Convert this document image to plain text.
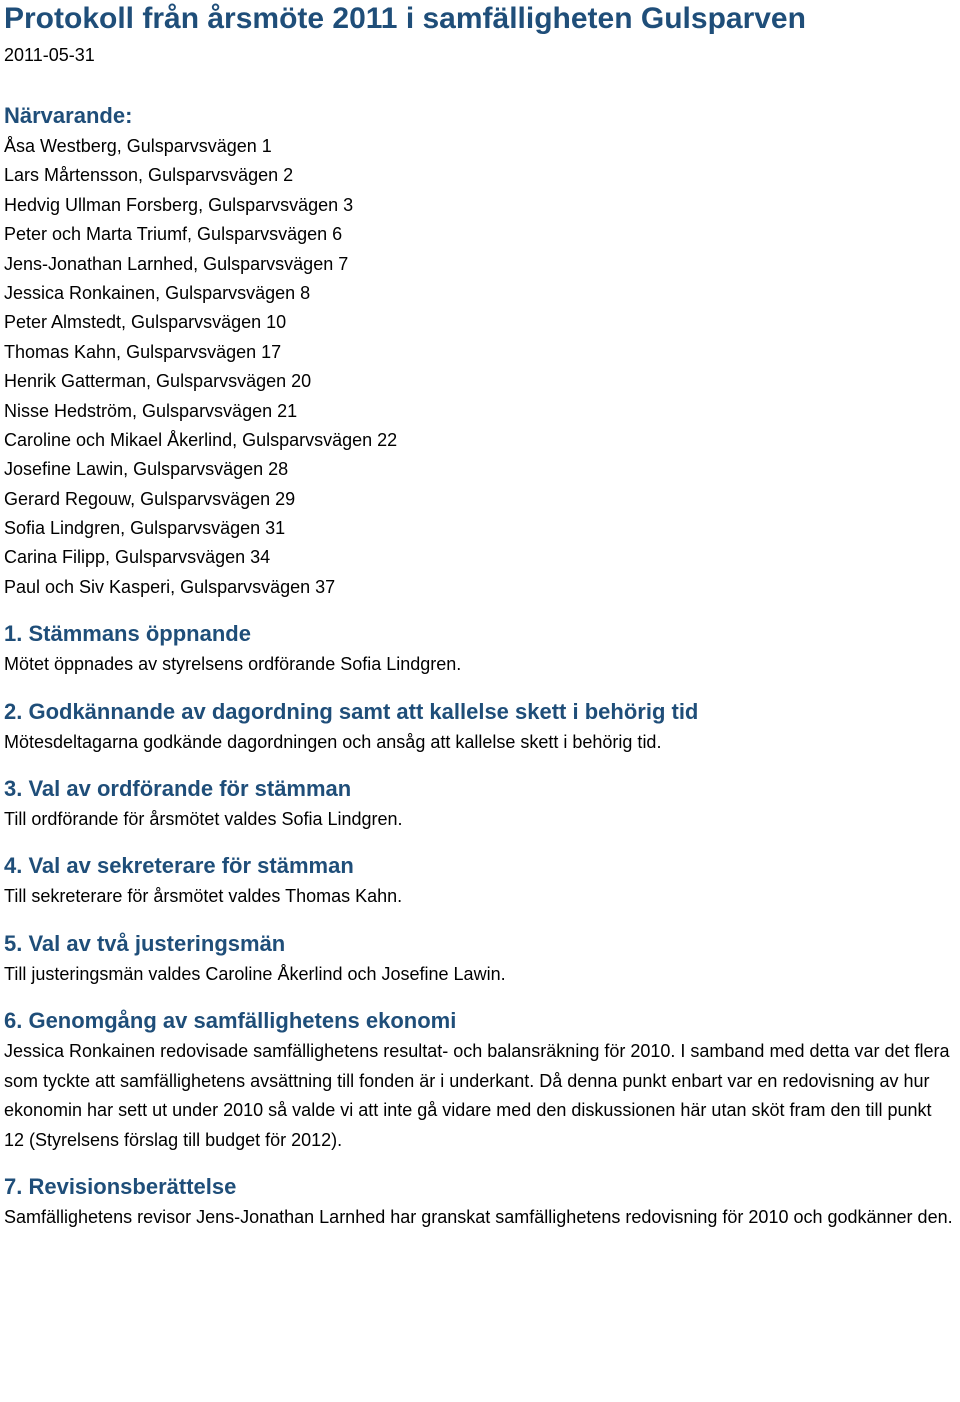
Protokoll från årsmöte 2011 i samfälligheten Gulsparven
2011-05-31
Närvarande:
Åsa Westberg, Gulsparvsvägen 1
Lars Mårtensson, Gulsparvsvägen 2
Hedvig Ullman Forsberg, Gulsparvsvägen 3
Peter och Marta Triumf, Gulsparvsvägen 6
Jens-Jonathan Larnhed, Gulsparvsvägen 7
Jessica Ronkainen, Gulsparvsvägen 8
Peter Almstedt, Gulsparvsvägen 10
Thomas Kahn, Gulsparvsvägen 17
Henrik Gatterman, Gulsparvsvägen 20
Nisse Hedström, Gulsparvsvägen 21
Caroline och Mikael Åkerlind, Gulsparvsvägen 22
Josefine Lawin, Gulsparvsvägen 28
Gerard Regouw, Gulsparvsvägen 29
Sofia Lindgren, Gulsparvsvägen 31
Carina Filipp, Gulsparvsvägen 34
Paul och Siv Kasperi, Gulsparvsvägen 37
1. Stämmans öppnande

Mötet öppnades av styrelsens ordförande Sofia Lindgren.

2. Godkännande av dagordning samt att kallelse skett i behörig tid

Mötesdeltagarna godkände dagordningen och ansåg att kallelse skett i behörig tid.

3. Val av ordförande för stämman

Till ordförande för årsmötet valdes Sofia Lindgren.

4. Val av sekreterare för stämman

Till sekreterare för årsmötet valdes Thomas Kahn.

5. Val av två justeringsmän

Till justeringsmän valdes Caroline Åkerlind och Josefine Lawin.

6. Genomgång av samfällighetens ekonomi

Jessica Ronkainen redovisade samfällighetens resultat- och balansräkning för 2010. I samband med detta var det flera som tyckte att samfällighetens avsättning till fonden är i underkant. Då denna punkt enbart var en redovisning av hur ekonomin har sett ut under 2010 så valde vi att inte gå vidare med den diskussionen här utan sköt fram den till punkt 12 (Styrelsens förslag till budget för 2012).

7. Revisionsberättelse

Samfällighetens revisor Jens-Jonathan Larnhed har granskat samfällighetens redovisning för 2010 och godkänner den.
